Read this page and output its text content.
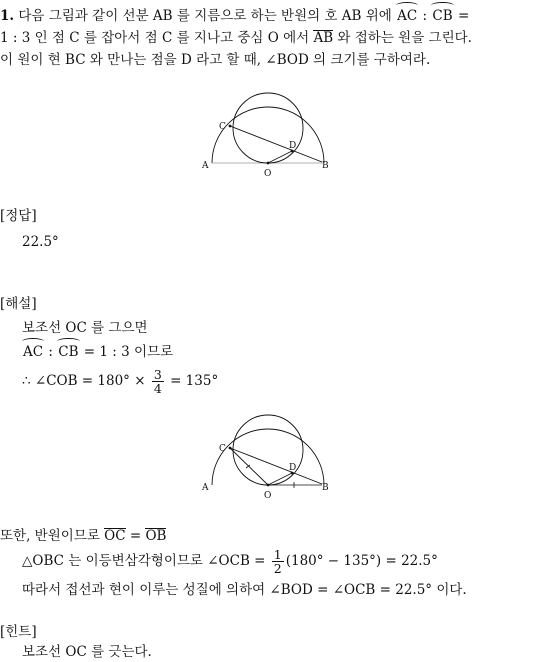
1. 다음 그림과 같이 선분 AB 를 지름으로 하는 반원의 호 AB 위에 AC : CB =
1 : 3 인 점 C 를 잡아서 점 C 를 지나고 중심 O 에서 AB 와 접하는 원을 그린다.
이 원이 현 BC 와 만나는 점을 D 라고 할 때, ∠BOD 의 크기를 구하여라.
A	B
C
D
O
[정답]
22.5°
[해설]
보조선 OC 를 그으면
AC : CB = 1 : 3 이므로
∴ ∠COB = $180^\circ \times \frac{3}{4} = 135^\circ$
A	B
C
D
O
또한, 반원이므로 OC = OB
△OBC 는 이등변삼각형이므로 ∠OCB = $\frac{1}{2} (180^\circ - 135^\circ) = 22.5^\circ$
따라서 접선과 현이 이루는 성질에 의하여 ∠BOD = ∠OCB = 22.5° 이다.
[힌트]
보조선 OC 를 긋는다.
